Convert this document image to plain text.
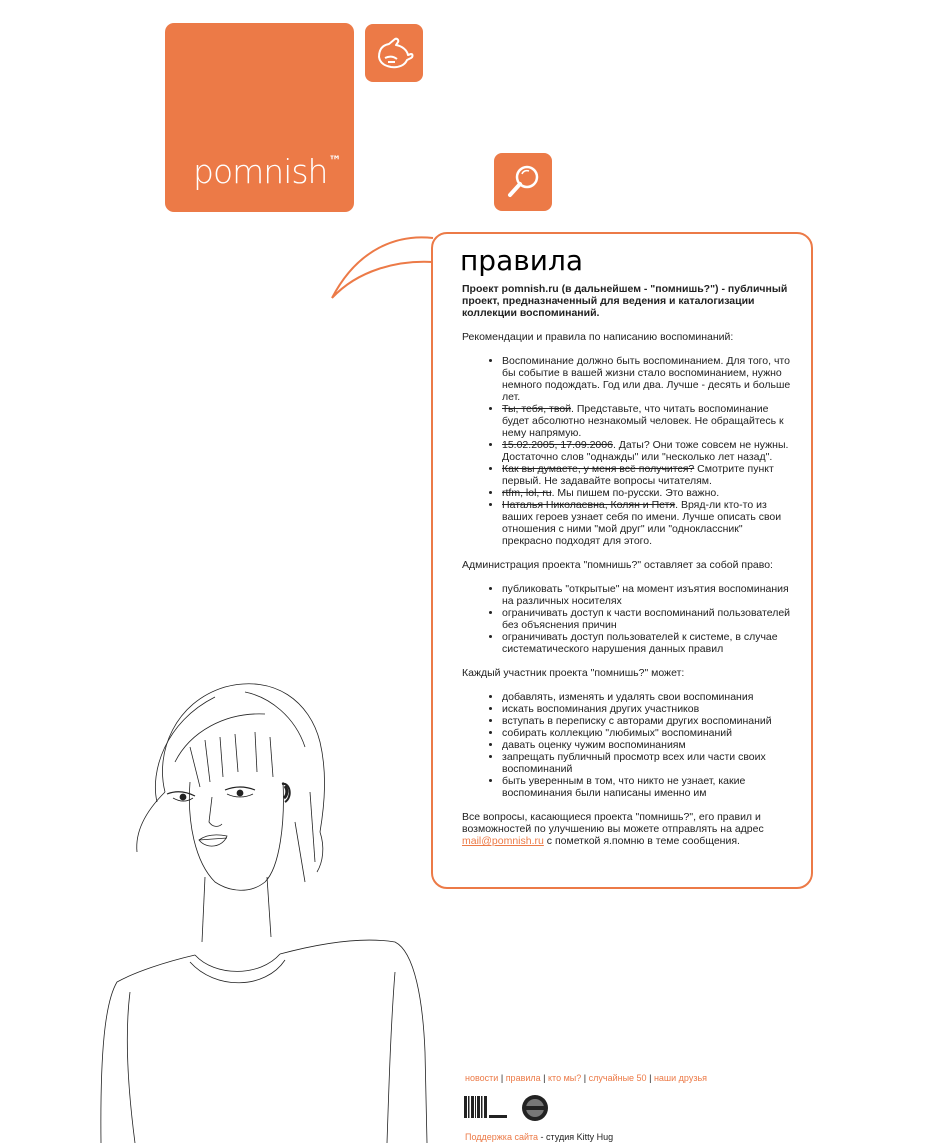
pomnish™
правила

Проект pomnish.ru (в дальнейшем - "помнишь?") - публичный проект, предназначенный для ведения и каталогизации коллекции воспоминаний.

Рекомендации и правила по написанию воспоминаний:

• Воспоминание должно быть воспоминанием. Для того, что бы событие в вашей жизни стало воспоминанием, нужно немного подождать. Год или два. Лучше - десять и больше лет.
• Ты, тебя, твой. Представьте, что читать воспоминание будет абсолютно незнакомый человек. Не обращайтесь к нему напрямую.
• 15.02.2005, 17.09.2006. Даты? Они тоже совсем не нужны. Достаточно слов "однажды" или "несколько лет назад".
• Как вы думаете, у меня всё получится? Смотрите пункт первый. Не задавайте вопросы читателям.
• rtfm, lol, ru. Мы пишем по-русски. Это важно.
• Наталья Николаевна, Колян и Петя. Вряд-ли кто-то из ваших героев узнает себя по имени. Лучше описать свои отношения с ними "мой друг" или "одноклассник" прекрасно подходят для этого.

Администрация проекта "помнишь?" оставляет за собой право:

• публиковать "открытые" на момент изъятия воспоминания на различных носителях
• ограничивать доступ к части воспоминаний пользователей без объяснения причин
• ограничивать доступ пользователей к системе, в случае систематического нарушения данных правил

Каждый участник проекта "помнишь?" может:

• добавлять, изменять и удалять свои воспоминания
• искать воспоминания других участников
• вступать в переписку с авторами других воспоминаний
• собирать коллекцию "любимых" воспоминаний
• давать оценку чужим воспоминаниям
• запрещать публичный просмотр всех или части своих воспоминаний
• быть уверенным в том, что никто не узнает, какие воспоминания были написаны именно им

Все вопросы, касающиеся проекта "помнишь?", его правил и возможностей по улучшению вы можете отправлять на адрес mail@pomnish.ru с пометкой я.помню в теме сообщения.

новости | правила | кто мы? | случайные 50 | наши друзья
Поддержка сайта - студия Kitty Hug
